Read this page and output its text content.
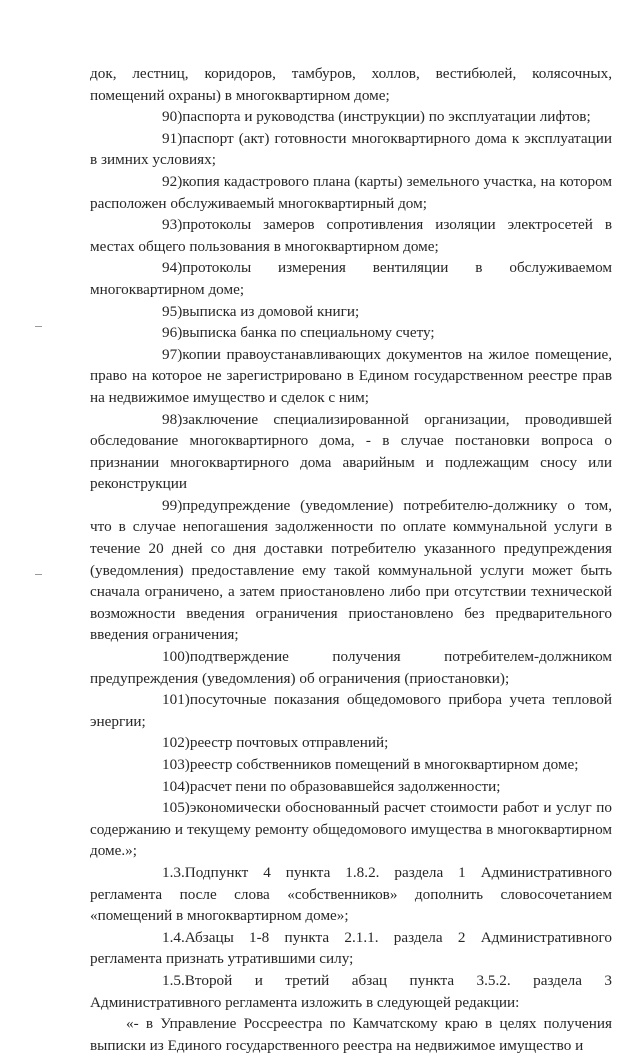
док, лестниц, коридоров, тамбуров, холлов, вестибюлей, колясочных, помещений охраны) в многоквартирном доме;

90)паспорта и руководства (инструкции) по эксплуатации лифтов;

91)паспорт (акт) готовности многоквартирного дома к эксплуатации в зимних условиях;

92)копия кадастрового плана (карты) земельного участка, на котором расположен обслуживаемый многоквартирный дом;

93)протоколы замеров сопротивления изоляции электросетей в местах общего пользования в многоквартирном доме;

94)протоколы измерения вентиляции в обслуживаемом многоквартирном доме;

95)выписка из домовой книги;

96)выписка банка по специальному счету;

97)копии правоустанавливающих документов на жилое помещение, право на которое не зарегистрировано в Едином государственном реестре прав на недвижимое имущество и сделок с ним;

98)заключение специализированной организации, проводившей обследование многоквартирного дома, - в случае постановки вопроса о признании многоквартирного дома аварийным и подлежащим сносу или реконструкции

99)предупреждение (уведомление) потребителю-должнику о том, что в случае непогашения задолженности по оплате коммунальной услуги в течение 20 дней со дня доставки потребителю указанного предупреждения (уведомления) предоставление ему такой коммунальной услуги может быть сначала ограничено, а затем приостановлено либо при отсутствии технической возможности введения ограничения приостановлено без предварительного введения ограничения;

100)подтверждение получения потребителем-должником предупреждения (уведомления) об ограничения (приостановки);

101)посуточные показания общедомового прибора учета тепловой энергии;

102)реестр почтовых отправлений;

103)реестр собственников помещений в многоквартирном доме;

104)расчет пени по образовавшейся задолженности;

105)экономически обоснованный расчет стоимости работ и услуг по содержанию и текущему ремонту общедомового имущества в многоквартирном доме.»;

1.3.Подпункт 4 пункта 1.8.2. раздела 1 Административного регламента после слова «собственников» дополнить словосочетанием «помещений в многоквартирном доме»;

1.4.Абзацы 1-8 пункта 2.1.1. раздела 2 Административного регламента признать утратившими силу;

1.5.Второй и третий абзац пункта 3.5.2. раздела 3 Административного регламента изложить в следующей редакции:

«- в Управление Россреестра по Камчатскому краю в целях получения выписки из Единого государственного реестра на недвижимое имущество и
